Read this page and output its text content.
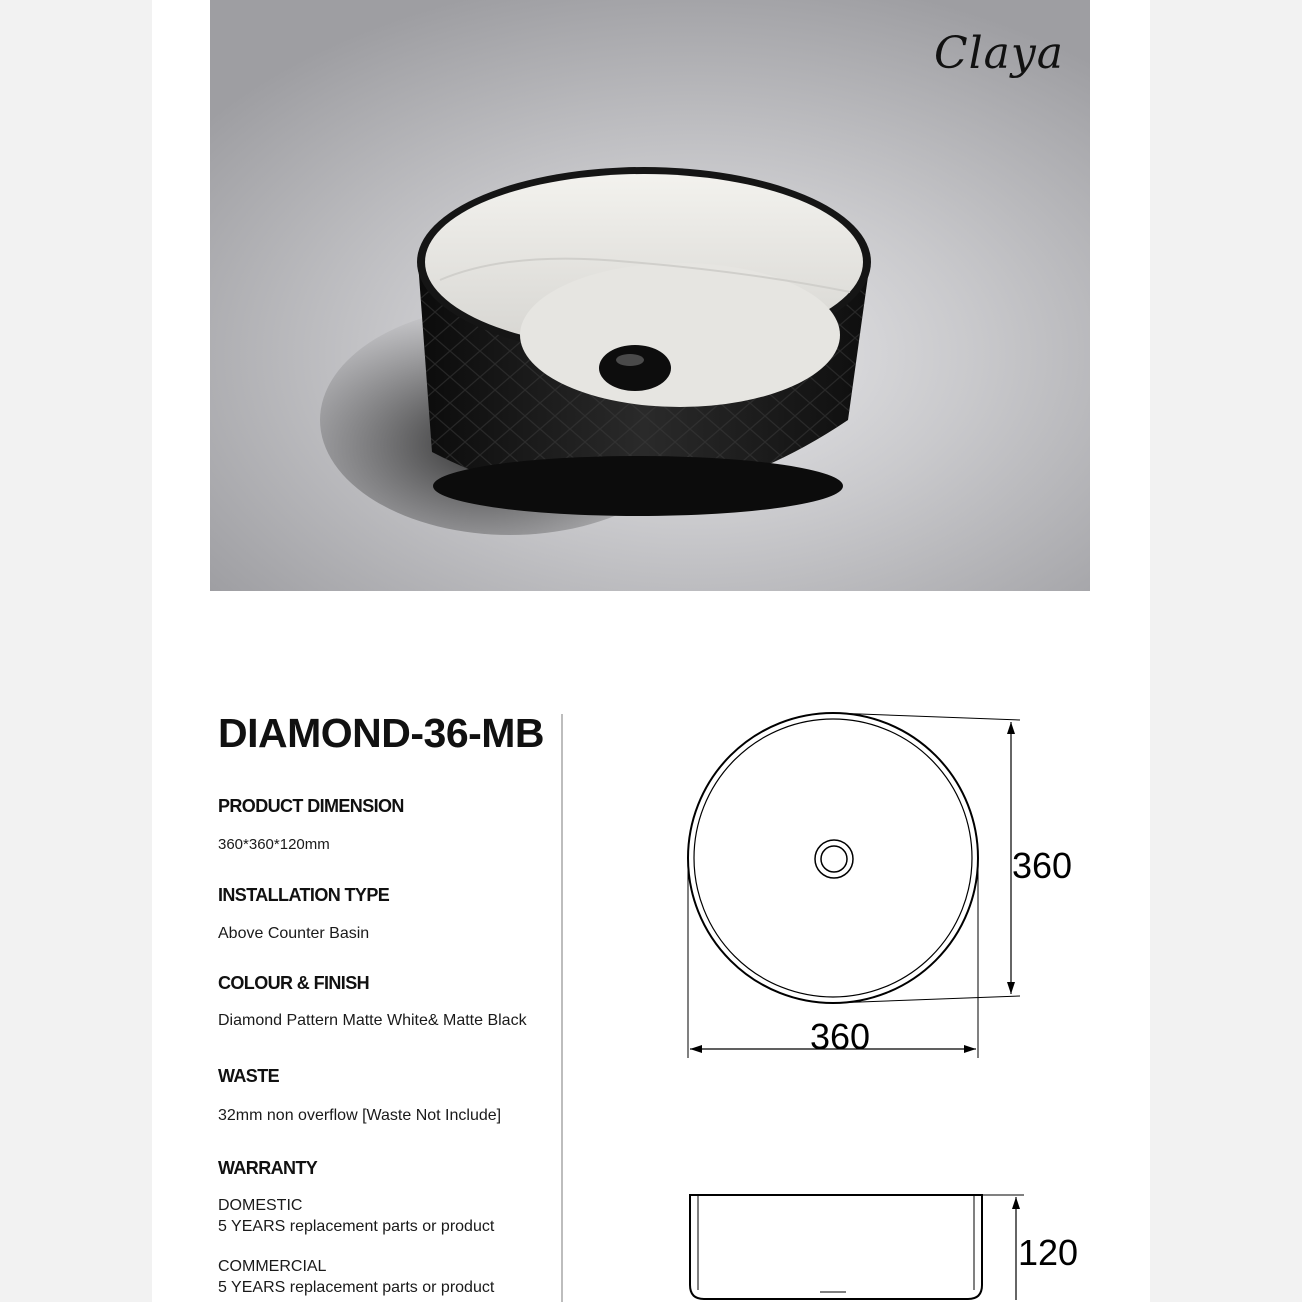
Claya
DIAMOND-36-MB
PRODUCT DIMENSION

360*360*120mm

INSTALLATION TYPE

Above Counter Basin

COLOUR & FINISH

Diamond Pattern Matte White& Matte Black

WASTE

32mm non overflow [Waste Not Include]

WARRANTY

DOMESTIC

5 YEARS replacement parts or product

COMMERCIAL

5 YEARS replacement parts or product

360
360
120
